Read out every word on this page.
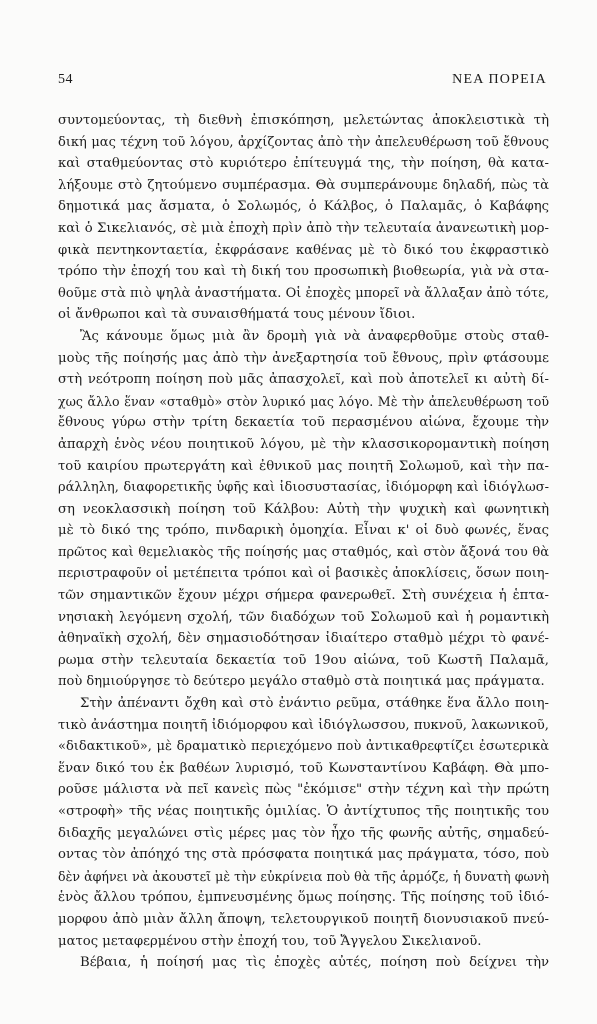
54	ΝΕΑ ΠΟΡΕΙΑ
συντομεύοντας, τὴ διεθνὴ ἐπισκόπηση, μελετώντας ἀποκλειστικὰ τὴ
δική μας τέχνη τοῦ λόγου, ἀρχίζοντας ἀπὸ τὴν ἀπελευθέρωση τοῦ ἔθνους
καὶ σταθμεύοντας στὸ κυριότερο ἐπίτευγμά της, τὴν ποίηση, θὰ κατα-
λήξουμε στὸ ζητούμενο συμπέρασμα. Θὰ συμπεράνουμε δηλαδή, πὼς τὰ
δημοτικά μας ἄσματα, ὁ Σολωμός, ὁ Κάλβος, ὁ Παλαμᾶς, ὁ Καβάφης
καὶ ὁ Σικελιανός, σὲ μιὰ ἐποχὴ πρὶν ἀπὸ τὴν τελευταία ἀνανεωτικὴ μορ-
φικὰ πεντηκονταετία, ἐκφράσανε καθένας μὲ τὸ δικό του ἐκφραστικὸ
τρόπο τὴν ἐποχή του καὶ τὴ δική του προσωπικὴ βιοθεωρία, γιὰ νὰ στα-
θοῦμε στὰ πιὸ ψηλὰ ἀναστήματα. Οἱ ἐποχὲς μπορεῖ νὰ ἄλλαξαν ἀπὸ τότε,
οἱ ἄνθρωποι καὶ τὰ συναισθήματά τους μένουν ἴδιοι.
Ἂς κάνουμε ὅμως μιὰ ἂν δρομὴ γιὰ νὰ ἀναφερθοῦμε στοὺς σταθ-
μοὺς τῆς ποίησής μας ἀπὸ τὴν ἀνεξαρτησία τοῦ ἔθνους, πρὶν φτάσουμε
στὴ νεότροπη ποίηση ποὺ μᾶς ἀπασχολεῖ, καὶ ποὺ ἀποτελεῖ κι αὐτὴ δί-
χως ἄλλο ἕναν «σταθμὸ» στὸν λυρικό μας λόγο. Μὲ τὴν ἀπελευθέρωση τοῦ
ἔθνους γύρω στὴν τρίτη δεκαετία τοῦ περασμένου αἰώνα, ἔχουμε τὴν
ἀπαρχὴ ἑνὸς νέου ποιητικοῦ λόγου, μὲ τὴν κλασσικορομαντικὴ ποίηση
τοῦ καιρίου πρωτεργάτη καὶ ἐθνικοῦ μας ποιητῆ Σολωμοῦ, καὶ τὴν πα-
ράλληλη, διαφορετικῆς ὑφῆς καὶ ἰδιοσυστασίας, ἰδιόμορφη καὶ ἰδιόγλωσ-
ση νεοκλασσικὴ ποίηση τοῦ Κάλβου: Αὐτὴ τὴν ψυχικὴ καὶ φωνητικὴ
μὲ τὸ δικό της τρόπο, πινδαρικὴ ὁμοηχία. Εἶναι κ' οἱ δυὸ φωνές, ἕνας
πρῶτος καὶ θεμελιακὸς τῆς ποίησής μας σταθμός, καὶ στὸν ἄξονά του θὰ
περιστραφοῦν οἱ μετέπειτα τρόποι καὶ οἱ βασικὲς ἀποκλίσεις, ὅσων ποιη-
τῶν σημαντικῶν ἔχουν μέχρι σήμερα φανερωθεῖ. Στὴ συνέχεια ἡ ἑπτα-
νησιακὴ λεγόμενη σχολή, τῶν διαδόχων τοῦ Σολωμοῦ καὶ ἡ ρομαντικὴ
ἀθηναϊκὴ σχολή, δὲν σημασιοδότησαν ἰδιαίτερο σταθμὸ μέχρι τὸ φανέ-
ρωμα στὴν τελευταία δεκαετία τοῦ 19ου αἰώνα, τοῦ Κωστῆ Παλαμᾶ,
ποὺ δημιούργησε τὸ δεύτερο μεγάλο σταθμὸ στὰ ποιητικά μας πράγματα.
Στὴν ἀπέναντι ὄχθη καὶ στὸ ἐνάντιο ρεῦμα, στάθηκε ἕνα ἄλλο ποιη-
τικὸ ἀνάστημα ποιητῆ ἰδιόμορφου καὶ ἰδιόγλωσσου, πυκνοῦ, λακωνικοῦ,
«διδακτικοῦ», μὲ δραματικὸ περιεχόμενο ποὺ ἀντικαθρεφτίζει ἐσωτερικὰ
ἕναν δικό του ἐκ βαθέων λυρισμό, τοῦ Κωνσταντίνου Καβάφη. Θὰ μπο-
ροῦσε μάλιστα νὰ πεῖ κανεὶς πὼς "ἐκόμισε" στὴν τέχνη καὶ τὴν πρώτη
«στροφὴ» τῆς νέας ποιητικῆς ὁμιλίας. Ὁ ἀντίχτυπος τῆς ποιητικῆς του
διδαχῆς μεγαλώνει στὶς μέρες μας τὸν ἦχο τῆς φωνῆς αὐτῆς, σημαδεύ-
οντας τὸν ἀπόηχό της στὰ πρόσφατα ποιητικά μας πράγματα, τόσο, ποὺ
δὲν ἀφήνει νὰ ἀκουστεῖ μὲ τὴν εὐκρίνεια ποὺ θὰ τῆς ἁρμόζε, ἡ δυνατὴ φωνὴ
ἑνὸς ἄλλου τρόπου, ἐμπνευσμένης ὅμως ποίησης. Τῆς ποίησης τοῦ ἰδιό-
μορφου ἀπὸ μιὰν ἄλλη ἄποψη, τελετουργικοῦ ποιητῆ διονυσιακοῦ πνεύ-
ματος μεταφερμένου στὴν ἐποχή του, τοῦ Ἄγγελου Σικελιανοῦ.
Βέβαια, ἡ ποίησή μας τὶς ἐποχὲς αὐτές, ποίηση ποὺ δείχνει τὴν
